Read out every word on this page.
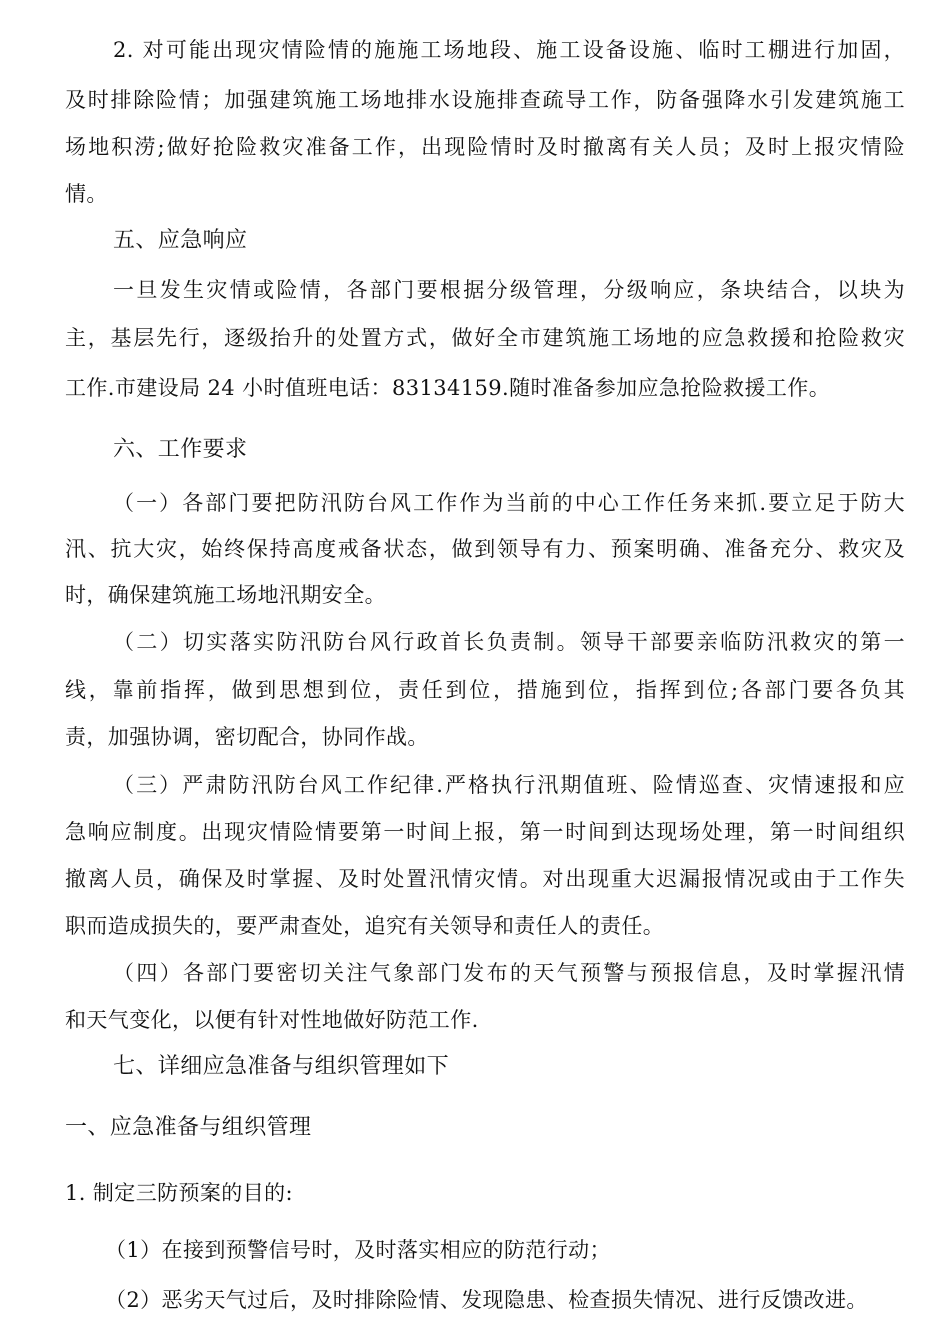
2. 对可能出现灾情险情的施施工场地段、施工设备设施、临时工棚进行加固，
及时排除险情；加强建筑施工场地排水设施排查疏导工作，防备强降水引发建筑施工
场地积涝;做好抢险救灾准备工作，出现险情时及时撤离有关人员；及时上报灾情险
情。
五、应急响应
一旦发生灾情或险情，各部门要根据分级管理，分级响应，条块结合，以块为
主，基层先行，逐级抬升的处置方式，做好全市建筑施工场地的应急救援和抢险救灾
工作.市建设局 24 小时值班电话：83134159.随时准备参加应急抢险救援工作。
六、工作要求
（一）各部门要把防汛防台风工作作为当前的中心工作任务来抓.要立足于防大
汛、抗大灾，始终保持高度戒备状态，做到领导有力、预案明确、准备充分、救灾及
时，确保建筑施工场地汛期安全。
（二）切实落实防汛防台风行政首长负责制。领导干部要亲临防汛救灾的第一
线，靠前指挥，做到思想到位，责任到位，措施到位，指挥到位;各部门要各负其
责，加强协调，密切配合，协同作战。
（三）严肃防汛防台风工作纪律.严格执行汛期值班、险情巡查、灾情速报和应
急响应制度。出现灾情险情要第一时间上报，第一时间到达现场处理，第一时间组织
撤离人员，确保及时掌握、及时处置汛情灾情。对出现重大迟漏报情况或由于工作失
职而造成损失的，要严肃查处，追究有关领导和责任人的责任。
（四）各部门要密切关注气象部门发布的天气预警与预报信息，及时掌握汛情
和天气变化，以便有针对性地做好防范工作.
七、详细应急准备与组织管理如下
一、应急准备与组织管理
1. 制定三防预案的目的:
（1）在接到预警信号时，及时落实相应的防范行动；
（2）恶劣天气过后，及时排除险情、发现隐患、检查损失情况、进行反馈改进。
